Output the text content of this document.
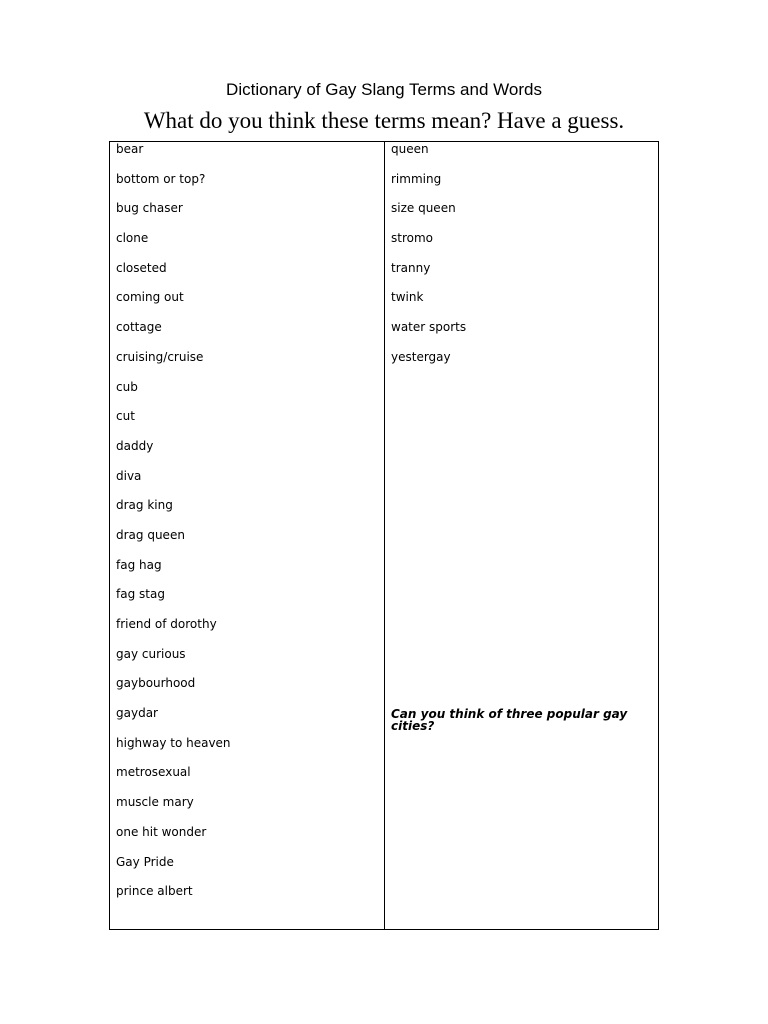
Dictionary of Gay Slang Terms and Words
What do you think these terms mean? Have a guess.
bear
bottom or top?
bug chaser
clone
closeted
coming out
cottage
cruising/cruise
cub
cut
daddy
diva
drag king
drag queen
fag hag
fag stag
friend of dorothy
gay curious
gaybourhood
gaydar
highway to heaven
metrosexual
muscle mary
one hit wonder
Gay Pride
prince albert
queen
rimming
size queen
stromo
tranny
twink
water sports
yestergay
Can you think of three popular gay cities?
